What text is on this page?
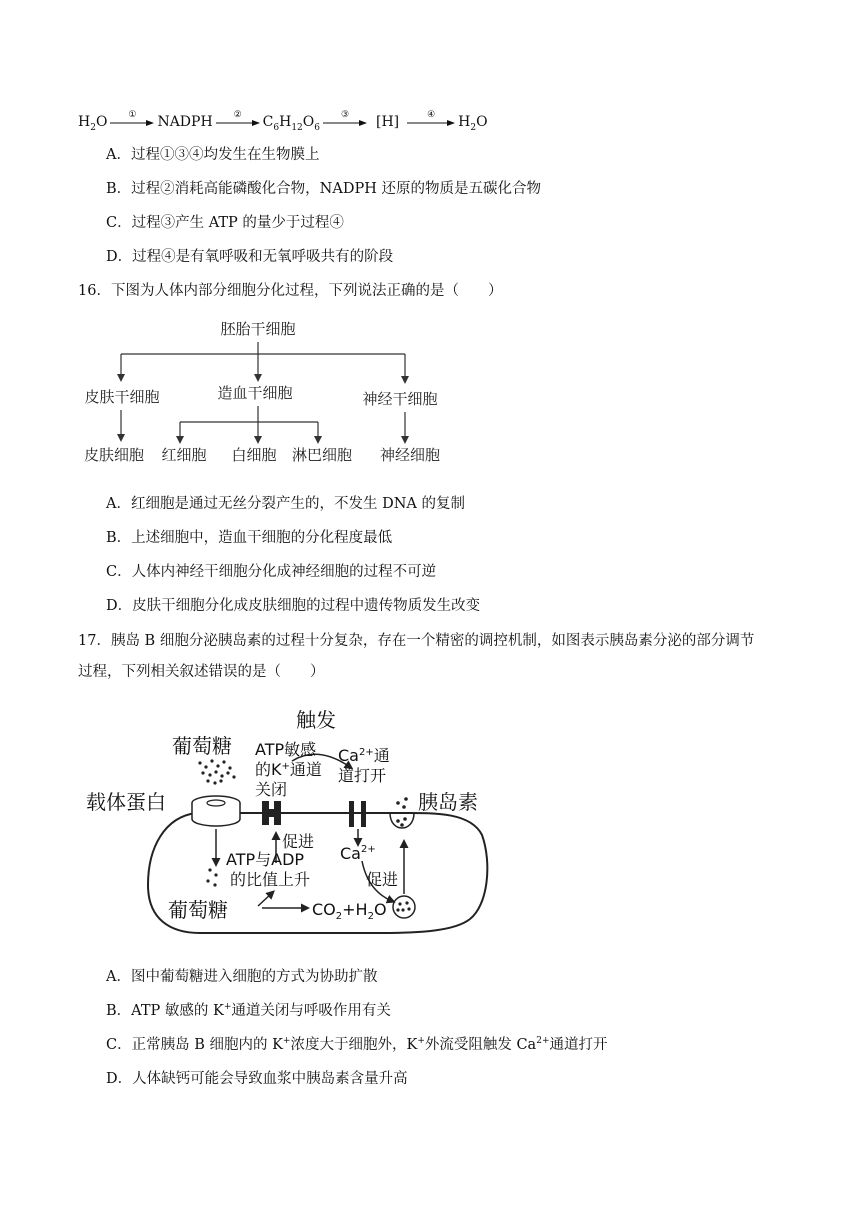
$H_2O$	①	NADPH	②	$C_6H_{12}O_6$
③	[H]	④	$H_2O$
A．过程①③④均发生在生物膜上
B．过程②消耗高能磷酸化合物，NADPH 还原的物质是五碳化合物
C．过程③产生 ATP 的量少于过程④
D．过程④是有氧呼吸和无氧呼吸共有的阶段
16．下图为人体内部分细胞分化过程，下列说法正确的是（　　）
胚胎干细胞
皮肤干细胞	造血干细胞	神经干细胞
皮肤细胞 红细胞 白细胞 淋巴细胞 神经细胞
A．红细胞是通过无丝分裂产生的，不发生 DNA 的复制
B．上述细胞中，造血干细胞的分化程度最低
C．人体内神经干细胞分化成神经细胞的过程不可逆
D．皮肤干细胞分化成皮肤细胞的过程中遗传物质发生改变
17．胰岛 B 细胞分泌胰岛素的过程十分复杂，存在一个精密的调控机制，如图表示胰岛素分泌的部分调节
过程，下列相关叙述错误的是（　　）
触发
葡萄糖
载体蛋白	胰岛素
葡萄糖
ATP敏感
的K+通道
关闭
$Ca^{2+}$通
道打开
促进
ATP与ADP
的比值上升
$Ca^{2+}$
促进
$CO_2+H_2O$
A．图中葡萄糖进入细胞的方式为协助扩散
B．ATP 敏感的 K+通道关闭与呼吸作用有关
C．正常胰岛 B 细胞内的 K+浓度大于细胞外，K+外流受阻触发 $Ca^{2+}$通道打开
D．人体缺钙可能会导致血浆中胰岛素含量升高
